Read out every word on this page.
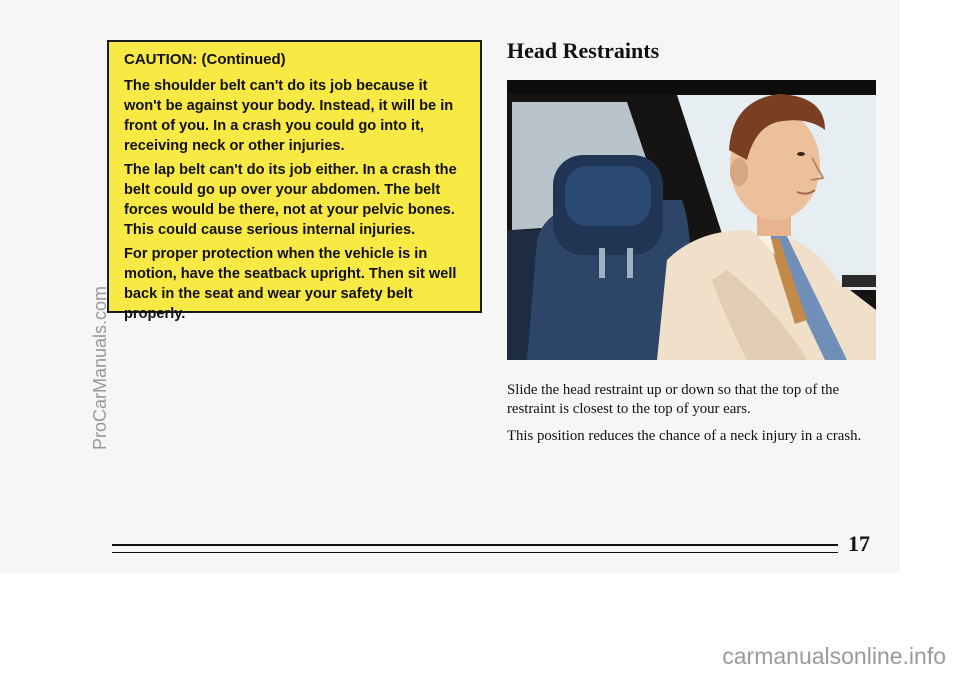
CAUTION: (Continued)

The shoulder belt can't do its job because it won't be against your body. Instead, it will be in front of you. In a crash you could go into it, receiving neck or other injuries.

The lap belt can't do its job either. In a crash the belt could go up over your abdomen. The belt forces would be there, not at your pelvic bones. This could cause serious internal injuries.

For proper protection when the vehicle is in motion, have the seatback upright. Then sit well back in the seat and wear your safety belt properly.

Head Restraints

Slide the head restraint up or down so that the top of the restraint is closest to the top of your ears.

This position reduces the chance of a neck injury in a crash.

17
ProCarManuals.com
carmanualsonline.info
